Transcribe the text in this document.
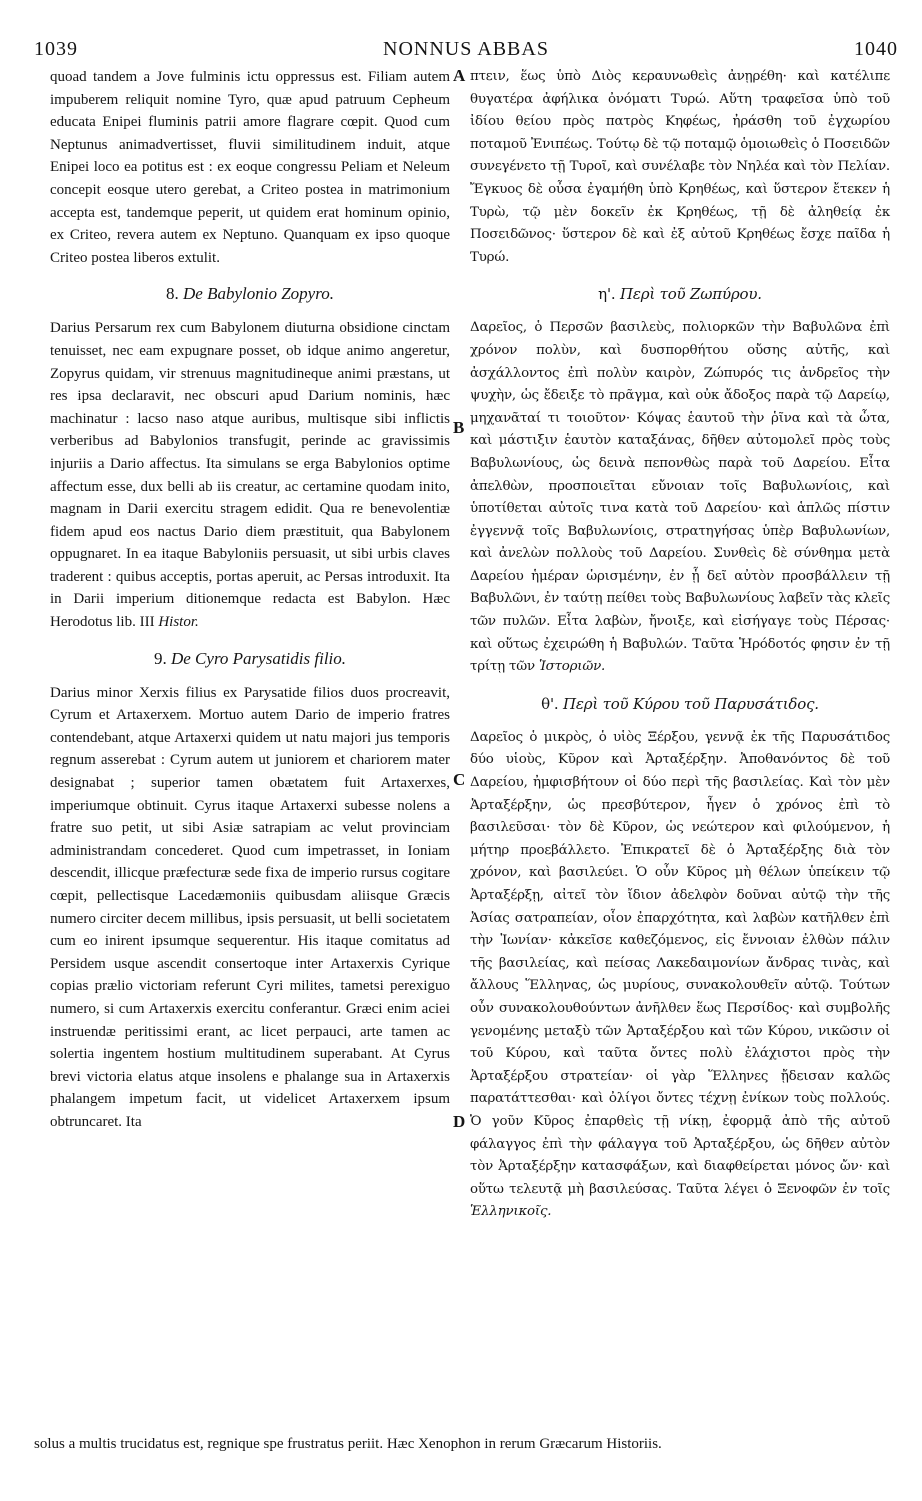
1039	NONNUS ABBAS	1040
A
B
C
D

quoad tandem a Jove fulminis ictu oppressus est. Filiam autem impuberem reliquit nomine Tyro, quæ apud patruum Cepheum educata Enipei fluminis patrii amore flagrare cœpit. Quod cum Neptunus animadvertisset, fluvii similitudinem induit, atque Enipei loco ea potitus est : ex eoque congressu Peliam et Neleum concepit eosque utero gerebat, a Criteo postea in matrimonium accepta est, tandemque peperit, ut quidem erat hominum opinio, ex Criteo, revera autem ex Neptuno. Quanquam ex ipso quoque Criteo postea liberos extulit.

8. De Babylonio Zopyro.

Darius Persarum rex cum Babylonem diuturna obsidione cinctam tenuisset, nec eam expugnare posset, ob idque animo angeretur, Zopyrus quidam, vir strenuus magnitudineque animi præstans, ut res ipsa declaravit, nec obscuri apud Darium nominis, hæc machinatur : lacso naso atque auribus, multisque sibi inflictis verberibus ad Babylonios transfugit, perinde ac gravissimis injuriis a Dario affectus. Ita simulans se erga Babylonios optime affectum esse, dux belli ab iis creatur, ac certamine quodam inito, magnam in Darii exercitu stragem edidit. Qua re benevolentiæ fidem apud eos nactus Dario diem præstituit, qua Babylonem oppugnaret. In ea itaque Babyloniis persuasit, ut sibi urbis claves traderent : quibus acceptis, portas aperuit, ac Persas introduxit. Ita in Darii imperium ditionemque redacta est Babylon. Hæc Herodotus lib. III Histor.

9. De Cyro Parysatidis filio.

Darius minor Xerxis filius ex Parysatide filios duos procreavit, Cyrum et Artaxerxem. Mortuo autem Dario de imperio fratres contendebant, atque Artaxerxi quidem ut natu majori jus temporis regnum asserebat : Cyrum autem ut juniorem et chariorem mater designabat ; superior tamen obætatem fuit Artaxerxes, imperiumque obtinuit. Cyrus itaque Artaxerxi subesse nolens a fratre suo petit, ut sibi Asiæ satrapiam ac velut provinciam administrandam concederet. Quod cum impetrasset, in Ioniam descendit, illicque præfecturæ sede fixa de imperio rursus cogitare cœpit, pellectisque Lacedæmoniis quibusdam aliisque Græcis numero circiter decem millibus, ipsis persuasit, ut belli societatem cum eo inirent ipsumque sequerentur. His itaque comitatus ad Persidem usque ascendit consertoque inter Artaxerxis Cyrique copias prælio victoriam referunt Cyri milites, tametsi perexiguo numero, si cum Artaxerxis exercitu conferantur. Græci enim aciei instruendæ peritissimi erant, ac licet perpauci, arte tamen ac solertia ingentem hostium multitudinem superabant. At Cyrus brevi victoria elatus atque insolens e phalange sua in Artaxerxis phalangem impetum facit, ut videlicet Artaxerxem ipsum obtruncaret. Ita

πτειν, ἕως ὑπὸ Διὸς κεραυνωθεὶς ἀνῃρέθη· καὶ κατέλιπε θυγατέρα ἀφήλικα ὀνόματι Τυρώ. Αὕτη τραφεῖσα ὑπὸ τοῦ ἰδίου θείου πρὸς πατρὸς Κηφέως, ἠράσθη τοῦ ἐγχωρίου ποταμοῦ Ἐνιπέως. Τούτῳ δὲ τῷ ποταμῷ ὁμοιωθεὶς ὁ Ποσειδῶν συνεγένετο τῇ Τυροῖ, καὶ συνέλαβε τὸν Νηλέα καὶ τὸν Πελίαν. Ἔγκυος δὲ οὖσα ἐγαμήθη ὑπὸ Κρηθέως, καὶ ὕστερον ἔτεκεν ἡ Τυρὼ, τῷ μὲν δοκεῖν ἐκ Κρηθέως, τῇ δὲ ἀληθείᾳ ἐκ Ποσειδῶνος· ὕστερον δὲ καὶ ἐξ αὐτοῦ Κρηθέως ἔσχε παῖδα ἡ Τυρώ.

η'. Περὶ τοῦ Ζωπύρου.

Δαρεῖος, ὁ Περσῶν βασιλεὺς, πολιορκῶν τὴν Βαβυλῶνα ἐπὶ χρόνον πολὺν, καὶ δυσπορθήτου οὔσης αὐτῆς, καὶ ἀσχάλλοντος ἐπὶ πολὺν καιρὸν, Ζώπυρός τις ἀνδρεῖος τὴν ψυχὴν, ὡς ἔδειξε τὸ πρᾶγμα, καὶ οὐκ ἄδοξος παρὰ τῷ Δαρείῳ, μηχανᾶταί τι τοιοῦτον· Κόψας ἑαυτοῦ τὴν ῥῖνα καὶ τὰ ὦτα, καὶ μάστιξιν ἑαυτὸν καταξάνας, δῆθεν αὐτομολεῖ πρὸς τοὺς Βαβυλωνίους, ὡς δεινὰ πεπονθὼς παρὰ τοῦ Δαρείου. Εἶτα ἀπελθὼν, προσποιεῖται εὔνοιαν τοῖς Βαβυλωνίοις, καὶ ὑποτίθεται αὐτοῖς τινα κατὰ τοῦ Δαρείου· καὶ ἁπλῶς πίστιν ἐγγεννᾷ τοῖς Βαβυλωνίοις, στρατηγήσας ὑπὲρ Βαβυλωνίων, καὶ ἀνελὼν πολλοὺς τοῦ Δαρείου. Συνθεὶς δὲ σύνθημα μετὰ Δαρείου ἡμέραν ὡρισμένην, ἐν ᾗ δεῖ αὐτὸν προσβάλλειν τῇ Βαβυλῶνι, ἐν ταύτῃ πείθει τοὺς Βαβυλωνίους λαβεῖν τὰς κλεῖς τῶν πυλῶν. Εἶτα λαβὼν, ἤνοιξε, καὶ εἰσήγαγε τοὺς Πέρσας· καὶ οὕτως ἐχειρώθη ἡ Βαβυλών. Ταῦτα Ἡρόδοτός φησιν ἐν τῇ τρίτῃ τῶν Ἱστοριῶν.

θ'. Περὶ τοῦ Κύρου τοῦ Παρυσάτιδος.

Δαρεῖος ὁ μικρὸς, ὁ υἱὸς Ξέρξου, γεννᾷ ἐκ τῆς Παρυσάτιδος δύο υἱοὺς, Κῦρον καὶ Ἀρταξέρξην. Ἀποθανόντος δὲ τοῦ Δαρείου, ἠμφισβήτουν οἱ δύο περὶ τῆς βασιλείας. Καὶ τὸν μὲν Ἀρταξέρξην, ὡς πρεσβύτερον, ἦγεν ὁ χρόνος ἐπὶ τὸ βασιλεῦσαι· τὸν δὲ Κῦρον, ὡς νεώτερον καὶ φιλούμενον, ἡ μήτηρ προεβάλλετο. Ἐπικρατεῖ δὲ ὁ Ἀρταξέρξης διὰ τὸν χρόνον, καὶ βασιλεύει. Ὁ οὖν Κῦρος μὴ θέλων ὑπείκειν τῷ Ἀρταξέρξῃ, αἰτεῖ τὸν ἴδιον ἀδελφὸν δοῦναι αὐτῷ τὴν τῆς Ἀσίας σατραπείαν, οἷον ἐπαρχότητα, καὶ λαβὼν κατῆλθεν ἐπὶ τὴν Ἰωνίαν· κἀκεῖσε καθεζόμενος, εἰς ἔννοιαν ἐλθὼν πάλιν τῆς βασιλείας, καὶ πείσας Λακεδαιμονίων ἄνδρας τινὰς, καὶ ἄλλους Ἕλληνας, ὡς μυρίους, συνακολουθεῖν αὐτῷ. Τούτων οὖν συνακολουθούντων ἀνῆλθεν ἕως Περσίδος· καὶ συμβολῆς γενομένης μεταξὺ τῶν Ἀρταξέρξου καὶ τῶν Κύρου, νικῶσιν οἱ τοῦ Κύρου, καὶ ταῦτα ὄντες πολὺ ἐλάχιστοι πρὸς τὴν Ἀρταξέρξου στρατείαν· οἱ γὰρ Ἕλληνες ᾔδεισαν καλῶς παρατάττεσθαι· καὶ ὀλίγοι ὄντες τέχνῃ ἐνίκων τοὺς πολλούς. Ὁ γοῦν Κῦρος ἐπαρθεὶς τῇ νίκῃ, ἐφορμᾷ ἀπὸ τῆς αὐτοῦ φάλαγγος ἐπὶ τὴν φάλαγγα τοῦ Ἀρταξέρξου, ὡς δῆθεν αὐτὸν τὸν Ἀρταξέρξην κατασφάξων, καὶ διαφθείρεται μόνος ὤν· καὶ οὕτω τελευτᾷ μὴ βασιλεύσας. Ταῦτα λέγει ὁ Ξενοφῶν ἐν τοῖς Ἑλληνικοῖς.

solus a multis trucidatus est, regnique spe frustratus periit. Hæc Xenophon in rerum Græcarum Historiis.
